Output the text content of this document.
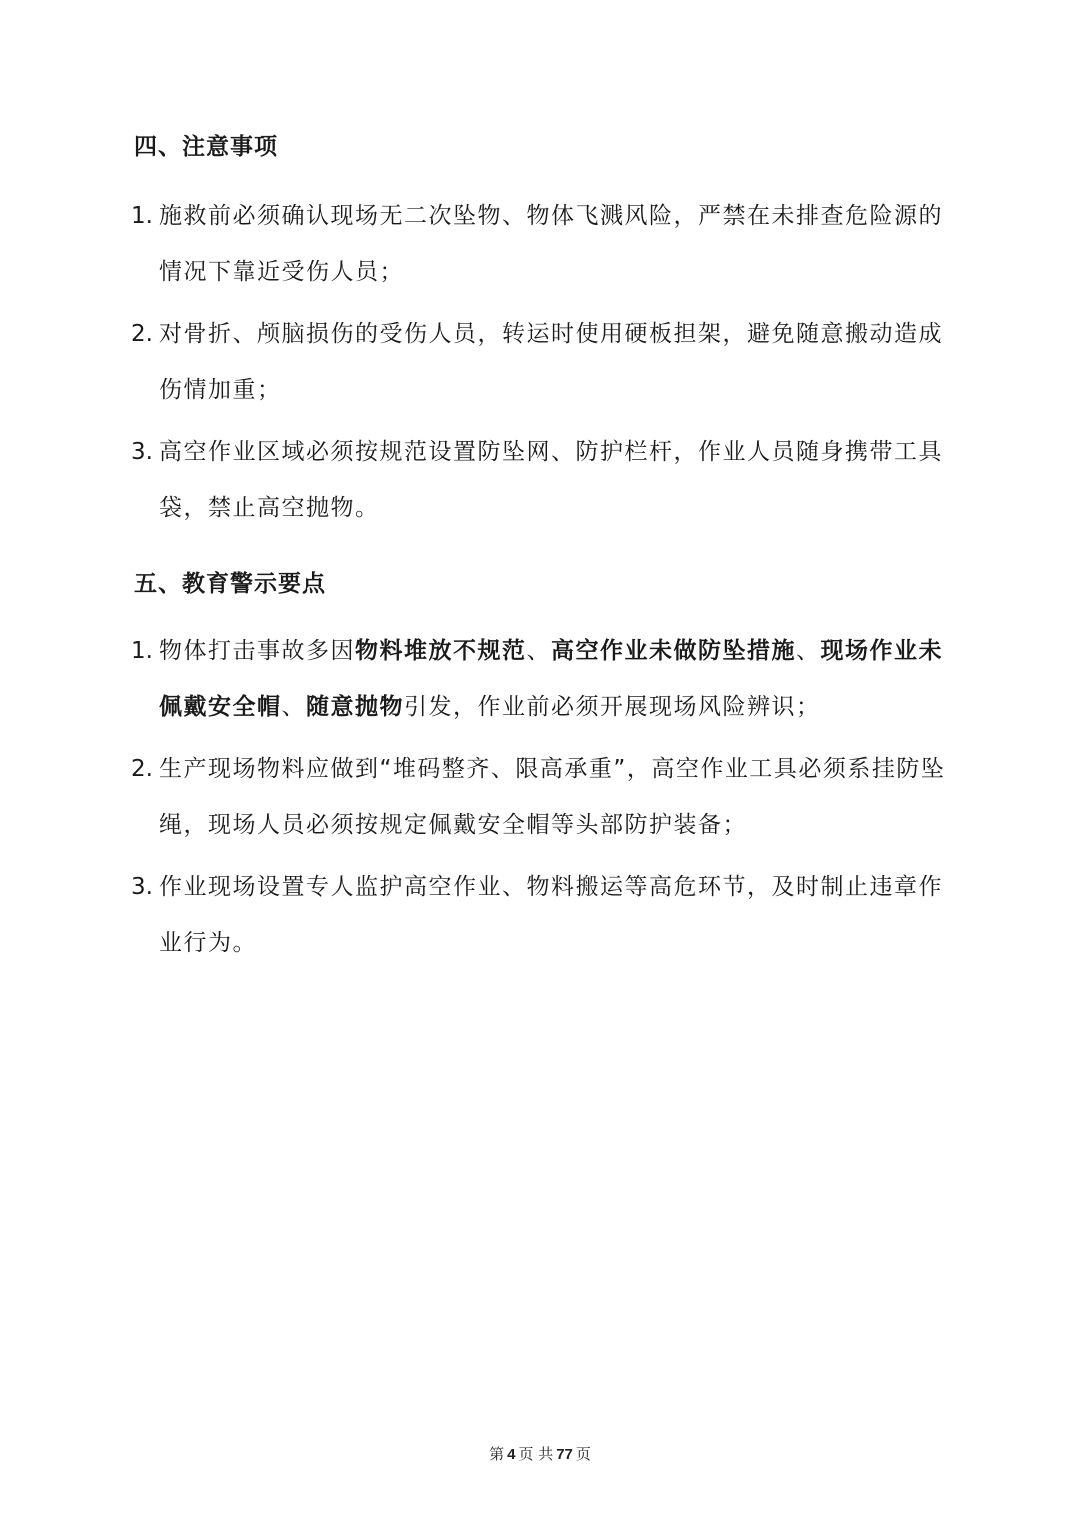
四、注意事项
1. 施救前必须确认现场无二次坠物、物体飞溅风险，严禁在未排查危险源的情况下靠近受伤人员；
2. 对骨折、颅脑损伤的受伤人员，转运时使用硬板担架，避免随意搬动造成伤情加重；
3. 高空作业区域必须按规范设置防坠网、防护栏杆，作业人员随身携带工具袋，禁止高空抛物。
五、教育警示要点
1. 物体打击事故多因物料堆放不规范、高空作业未做防坠措施、现场作业未佩戴安全帽、随意抛物引发，作业前必须开展现场风险辨识；
2. 生产现场物料应做到“堆码整齐、限高承重”，高空作业工具必须系挂防坠绳，现场人员必须按规定佩戴安全帽等头部防护装备；
3. 作业现场设置专人监护高空作业、物料搬运等高危环节，及时制止违章作业行为。
第 4 页 共 77 页
